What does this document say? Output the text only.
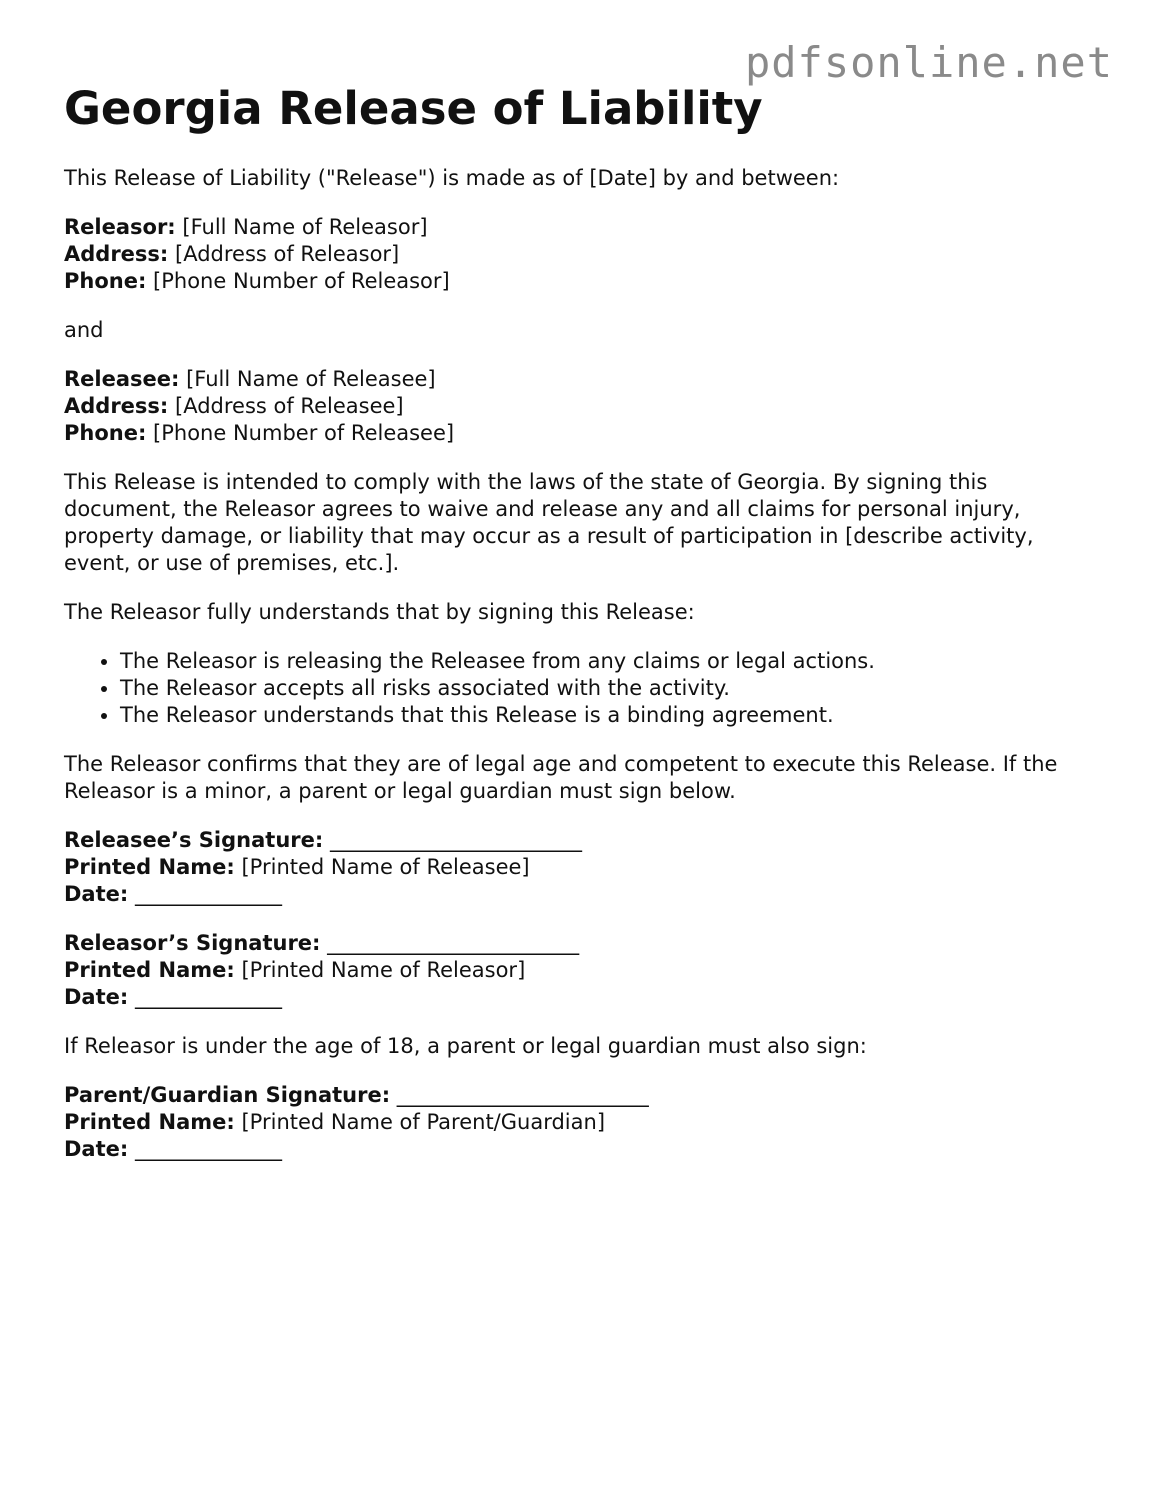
pdfsonline.net
Georgia Release of Liability

This Release of Liability ("Release") is made as of [Date] by and between:

Releasor: [Full Name of Releasor]
Address: [Address of Releasor]
Phone: [Phone Number of Releasor]

and

Releasee: [Full Name of Releasee]
Address: [Address of Releasee]
Phone: [Phone Number of Releasee]

This Release is intended to comply with the laws of the state of Georgia. By signing this document, the Releasor agrees to waive and release any and all claims for personal injury, property damage, or liability that may occur as a result of participation in [describe activity, event, or use of premises, etc.].

The Releasor fully understands that by signing this Release:

• The Releasor is releasing the Releasee from any claims or legal actions.
• The Releasor accepts all risks associated with the activity.
• The Releasor understands that this Release is a binding agreement.

The Releasor confirms that they are of legal age and competent to execute this Release. If the Releasor is a minor, a parent or legal guardian must sign below.

Releasee’s Signature: ________________________
Printed Name: [Printed Name of Releasee]
Date: ______________
Releasor’s Signature: ________________________
Printed Name: [Printed Name of Releasor]
Date: ______________

If Releasor is under the age of 18, a parent or legal guardian must also sign:

Parent/Guardian Signature: ________________________
Printed Name: [Printed Name of Parent/Guardian]
Date: ______________
